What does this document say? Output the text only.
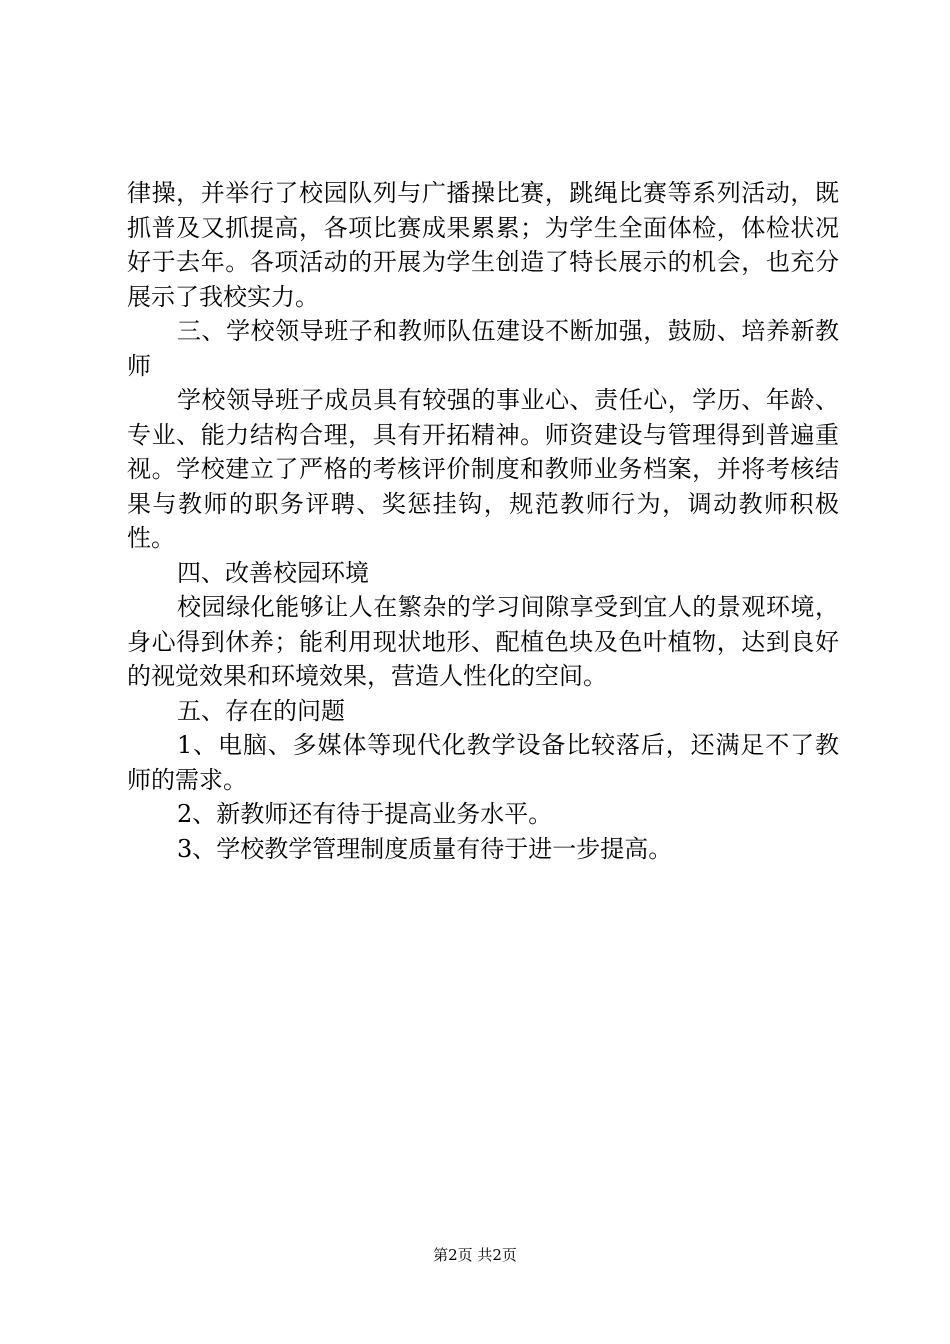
律操，并举行了校园队列与广播操比赛，跳绳比赛等系列活动，既抓普及又抓提高，各项比赛成果累累；为学生全面体检，体检状况好于去年。各项活动的开展为学生创造了特长展示的机会，也充分展示了我校实力。

三、学校领导班子和教师队伍建设不断加强，鼓励、培养新教师

学校领导班子成员具有较强的事业心、责任心，学历、年龄、专业、能力结构合理，具有开拓精神。师资建设与管理得到普遍重视。学校建立了严格的考核评价制度和教师业务档案，并将考核结果与教师的职务评聘、奖惩挂钩，规范教师行为，调动教师积极性。

四、改善校园环境

校园绿化能够让人在繁杂的学习间隙享受到宜人的景观环境，身心得到休养；能利用现状地形、配植色块及色叶植物，达到良好的视觉效果和环境效果，营造人性化的空间。

五、存在的问题

1、电脑、多媒体等现代化教学设备比较落后，还满足不了教师的需求。

2、新教师还有待于提高业务水平。

3、学校教学管理制度质量有待于进一步提高。

第2页 共2页
